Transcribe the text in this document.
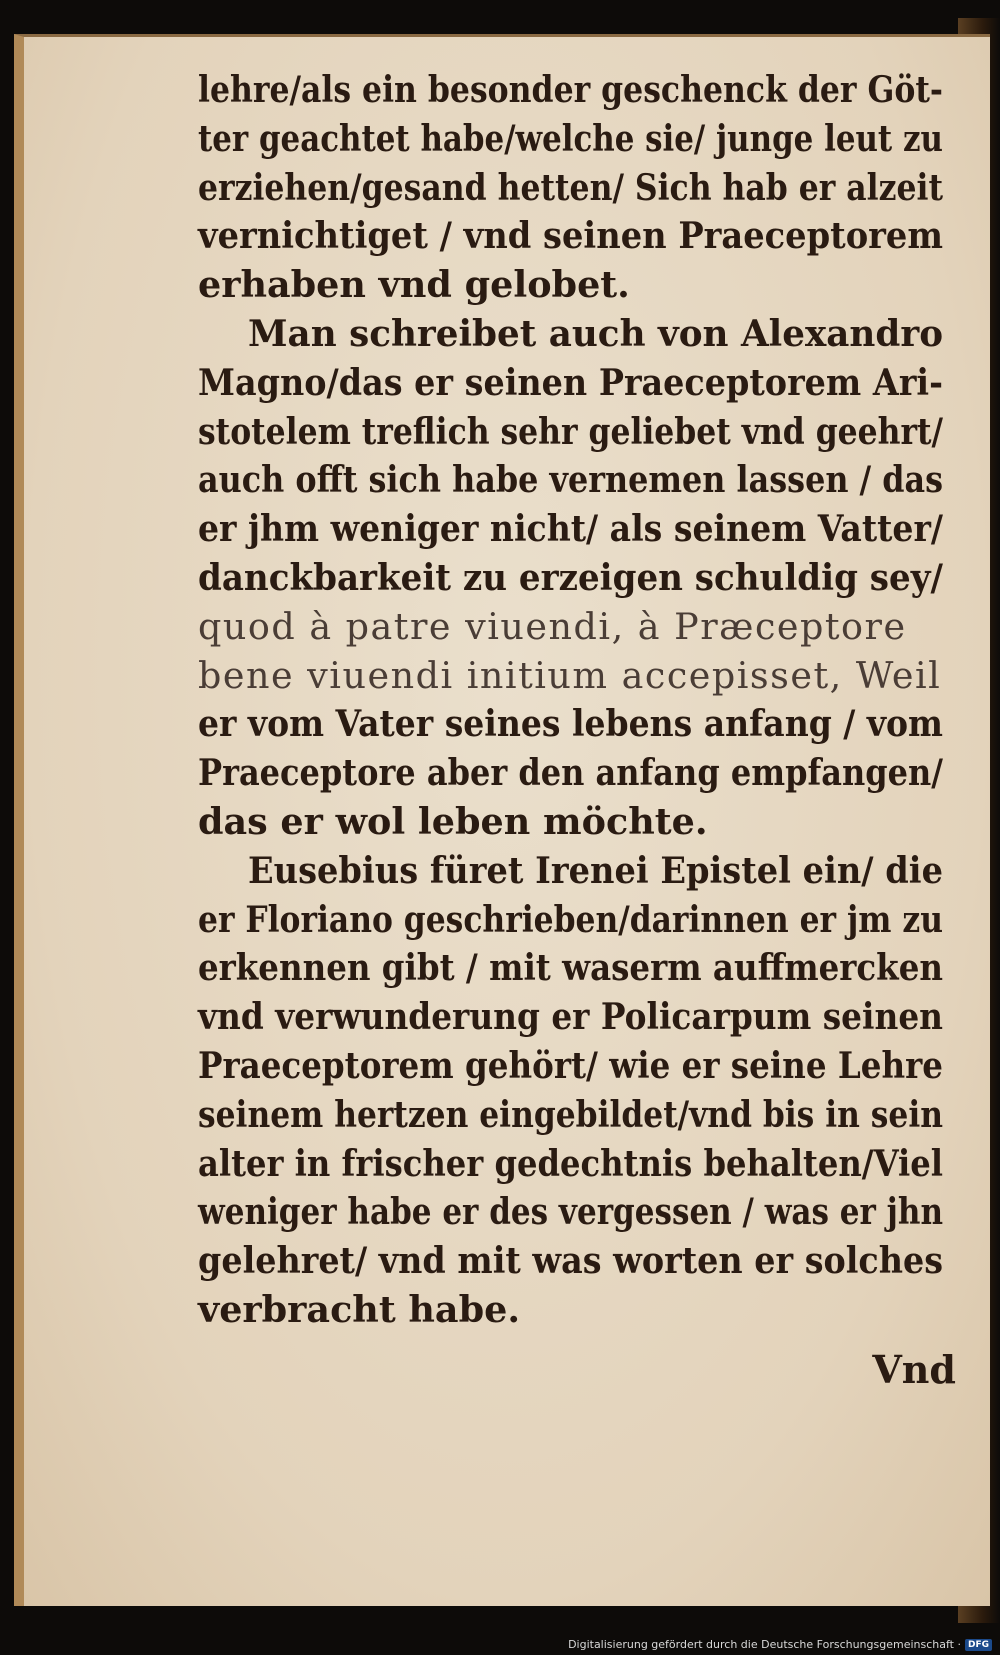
lehre/als ein besonder geschenck der Göt‑
ter geachtet habe/welche sie/ junge leut zu
erziehen/gesand hetten/ Sich hab er alzeit
vernichtiget / vnd seinen Praeceptorem
erhaben vnd gelobet.
Man schreibet auch von Alexandro
Magno/das er seinen Praeceptorem Ari‑
stotelem treflich sehr geliebet vnd geehrt/
auch offt sich habe vernemen lassen / das
er jhm weniger nicht/ als seinem Vatter/
danckbarkeit zu erzeigen schuldig sey/
quod à patre viuendi, à Præceptore
bene viuendi initium accepisset, Weil
er vom Vater seines lebens anfang / vom
Praeceptore aber den anfang empfangen/
das er wol leben möchte.
Eusebius füret Irenei Epistel ein/ die
er Floriano geschrieben/darinnen er jm zu
erkennen gibt / mit waserm auffmercken
vnd verwunderung er Policarpum seinen
Praeceptorem gehört/ wie er seine Lehre
seinem hertzen eingebildet/vnd bis in sein
alter in frischer gedechtnis behalten/Viel
weniger habe er des vergessen / was er jhn
gelehret/ vnd mit was worten er solches
verbracht habe.
Vnd
Digitalisierung gefördert durch die Deutsche Forschungsgemeinschaft · DFG
